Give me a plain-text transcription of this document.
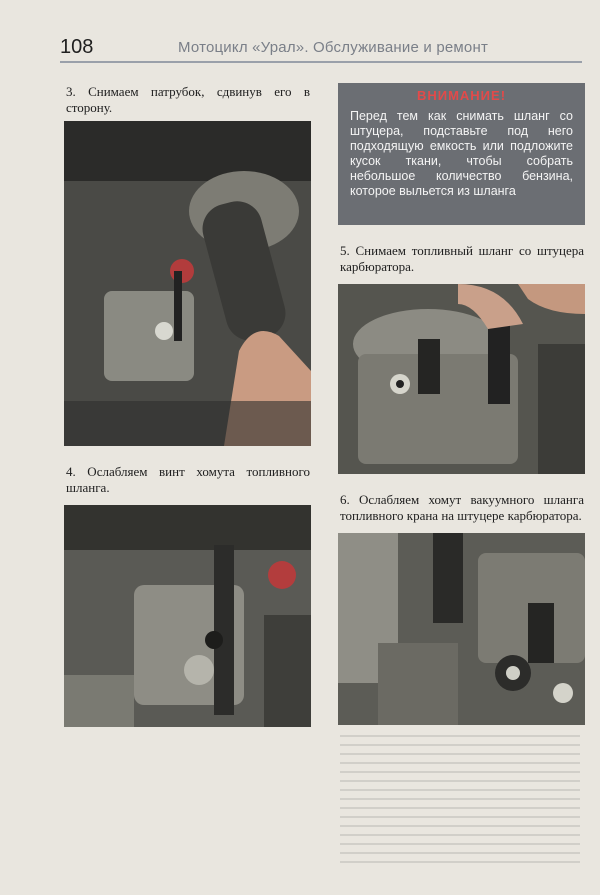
108	Мотоцикл «Урал». Обслуживание и ремонт
3. Снимаем патрубок, сдвинув его в сторону.
4. Ослабляем винт хомута топливного шланга.
ВНИМАНИЕ!
Перед тем как снимать шланг со штуцера, подставьте под него подходящую емкость или подложите кусок ткани, чтобы собрать небольшое количество бензина, которое выльется из шланга
5. Снимаем топливный шланг со штуцера карбюратора.
6. Ослабляем хомут вакуумного шланга топливного крана на штуцере карбюратора.
